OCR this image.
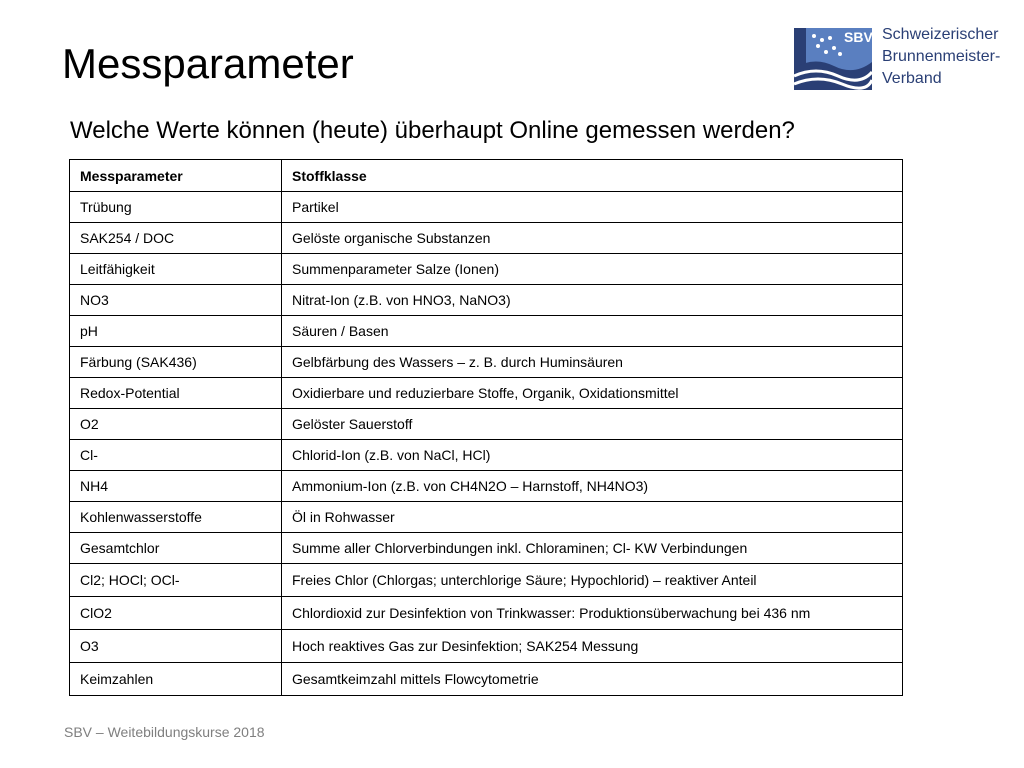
Messparameter
SBV Schweizerischer
Brunnenmeister-
Verband
Welche Werte können (heute) überhaupt Online gemessen werden?
Messparameter	Stoffklasse
Trübung	Partikel
SAK254 / DOC	Gelöste organische Substanzen
Leitfähigkeit	Summenparameter Salze (Ionen)
NO3	Nitrat-Ion (z.B. von HNO3, NaNO3)
pH	Säuren / Basen
Färbung (SAK436)	Gelbfärbung des Wassers – z. B. durch Huminsäuren
Redox-Potential	Oxidierbare und reduzierbare Stoffe, Organik, Oxidationsmittel
O2	Gelöster Sauerstoff
Cl-	Chlorid-Ion (z.B. von NaCl, HCl)
NH4	Ammonium-Ion (z.B. von CH4N2O – Harnstoff, NH4NO3)
Kohlenwasserstoffe	Öl in Rohwasser
Gesamtchlor	Summe aller Chlorverbindungen inkl. Chloraminen; Cl- KW Verbindungen
Cl2; HOCl; OCl-	Freies Chlor (Chlorgas; unterchlorige Säure; Hypochlorid) – reaktiver Anteil
ClO2	Chlordioxid zur Desinfektion von Trinkwasser: Produktionsüberwachung bei 436 nm
O3	Hoch reaktives Gas zur Desinfektion; SAK254 Messung
Keimzahlen	Gesamtkeimzahl mittels Flowcytometrie
SBV – Weitebildungskurse 2018
